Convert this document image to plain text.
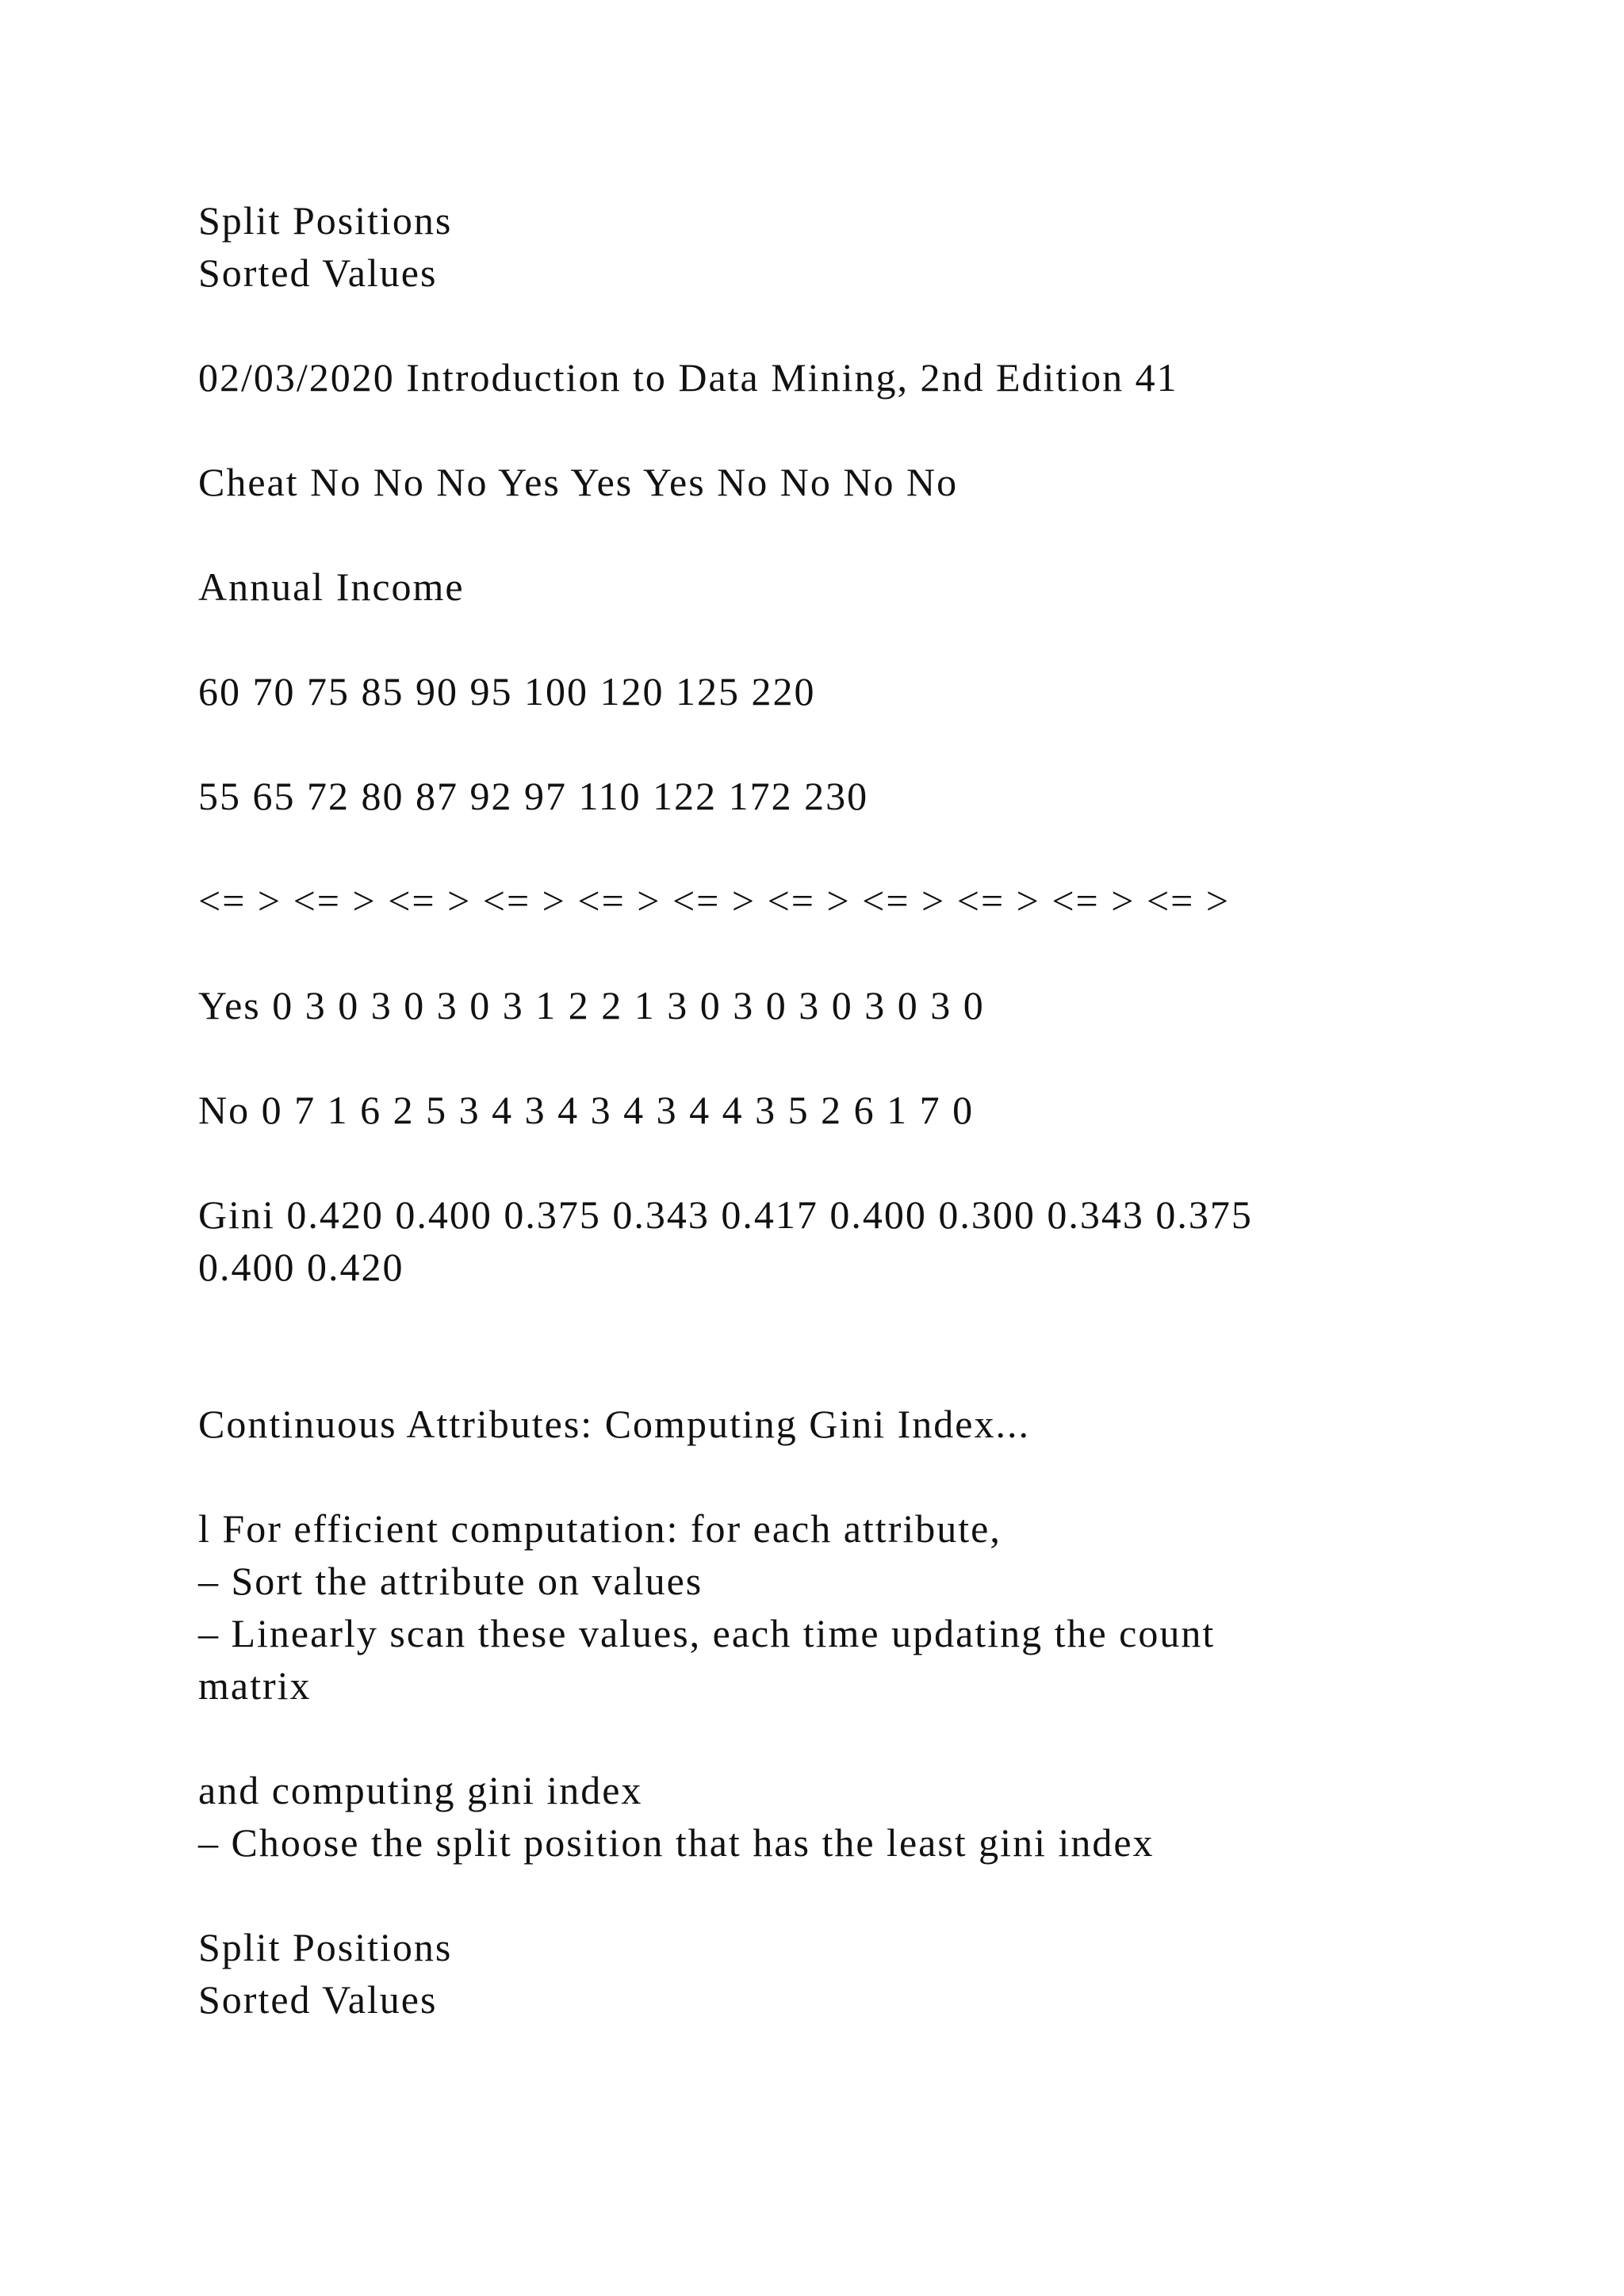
Split Positions
Sorted Values
02/03/2020 Introduction to Data Mining, 2nd Edition 41
Cheat No No No Yes Yes Yes No No No No
Annual Income
60 70 75 85 90 95 100 120 125 220
55 65 72 80 87 92 97 110 122 172 230
<= > <= > <= > <= > <= > <= > <= > <= > <= > <= > <= >
Yes 0 3 0 3 0 3 0 3 1 2 2 1 3 0 3 0 3 0 3 0 3 0
No 0 7 1 6 2 5 3 4 3 4 3 4 3 4 4 3 5 2 6 1 7 0
Gini 0.420 0.400 0.375 0.343 0.417 0.400 0.300 0.343 0.375
0.400 0.420
Continuous Attributes: Computing Gini Index...
l For efficient computation: for each attribute,
– Sort the attribute on values
– Linearly scan these values, each time updating the count
matrix
and computing gini index
– Choose the split position that has the least gini index
Split Positions
Sorted Values
